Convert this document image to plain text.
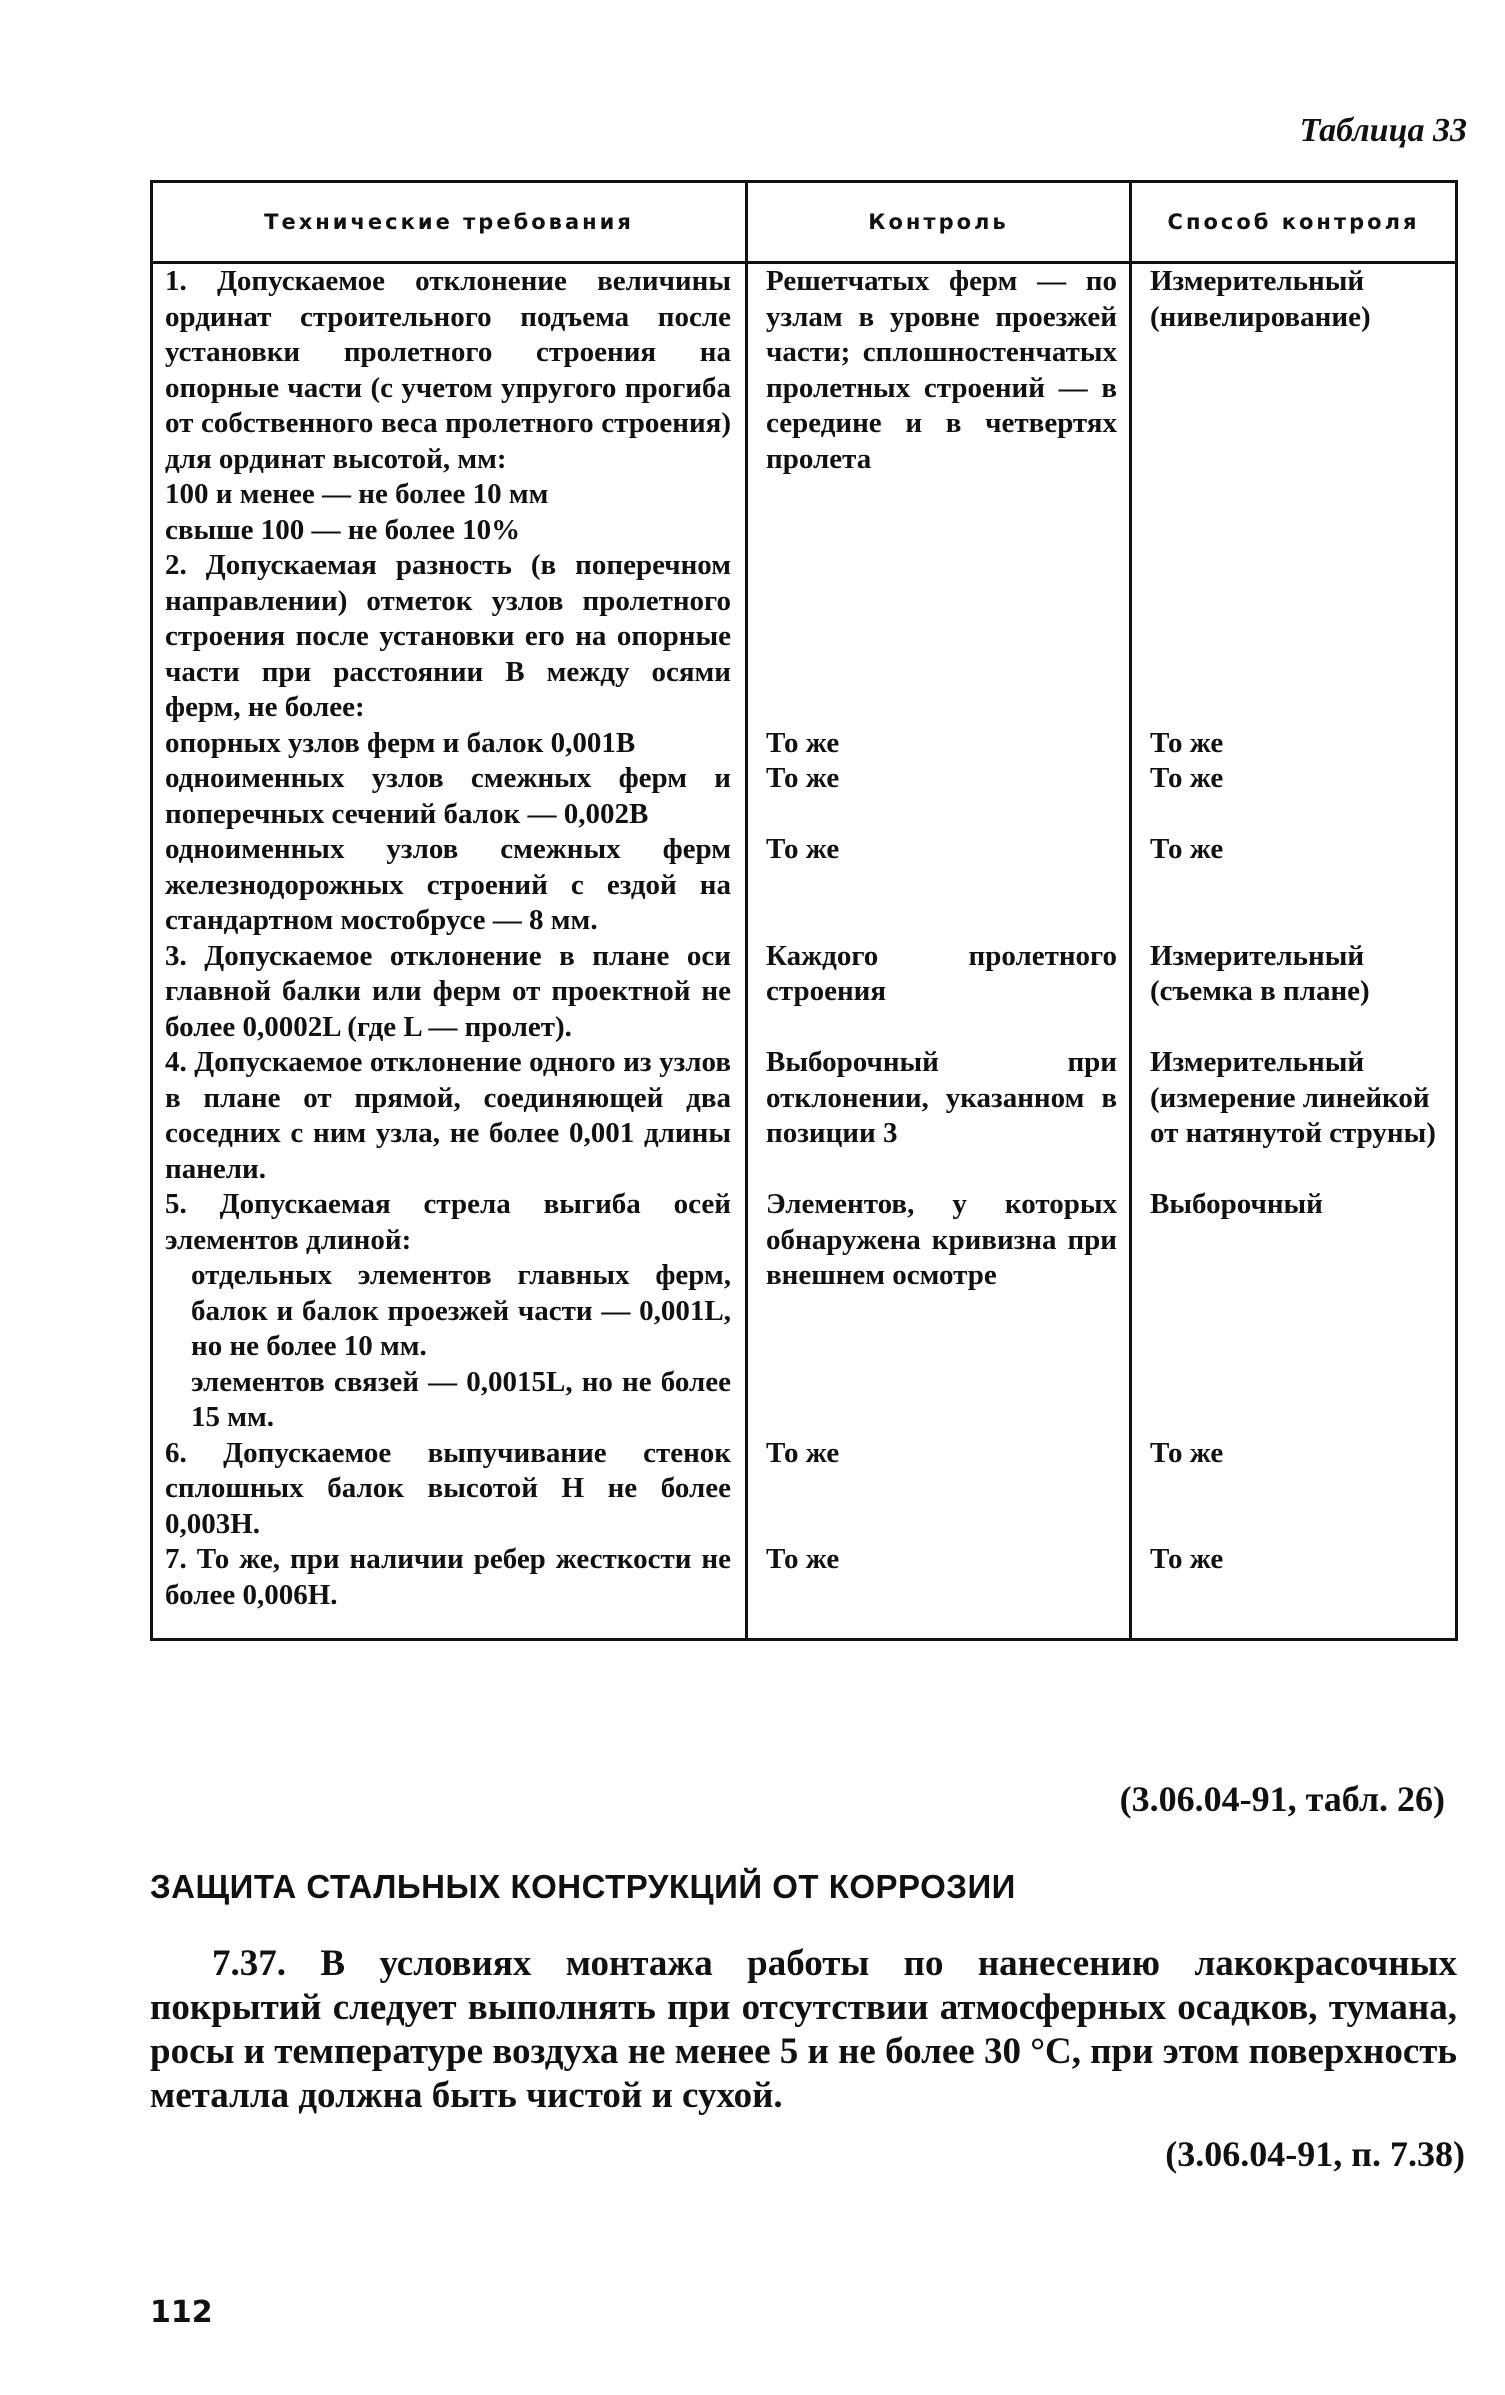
Таблица 33
Технические требования	Контроль	Способ контроля

1. Допускаемое отклонение величины ординат строительного подъема после установки пролетного строения на опорные части (с учетом упругого прогиба от собственного веса пролетного строения) для ординат высотой, мм:
100 и менее — не более 10 мм
свыше 100 — не более 10%	Решетчатых ферм — по узлам в уровне проезжей части; сплошностенчатых пролетных строений — в середине и в четвертях пролета	Измерительный (нивелирование)
2. Допускаемая разность (в поперечном направлении) отметок узлов пролетного строения после установки его на опорные части при расстоянии В между осями ферм, не более:		
опорных узлов ферм и балок 0,001В	То же	То же
одноименных узлов смежных ферм и поперечных сечений балок — 0,002В	То же	То же
одноименных узлов смежных ферм железнодорожных строений с ездой на стандартном мостобрусе — 8 мм.	То же	То же
3. Допускаемое отклонение в плане оси главной балки или ферм от проектной не более 0,0002L (где L — пролет).	Каждого пролетного строения	Измерительный (съемка в плане)
4. Допускаемое отклонение одного из узлов в плане от прямой, соединяющей два соседних с ним узла, не более 0,001 длины панели.	Выборочный при отклонении, указанном в позиции 3	Измерительный (измерение линейкой от натянутой струны)

5. Допускаемая стрела выгиба осей элементов длиной:
отдельных элементов главных ферм, балок и балок проезжей части — 0,001L, но не более 10 мм.
элементов связей — 0,0015L, но не более 15 мм.	Элементов, у которых обнаружена кривизна при внешнем осмотре	Выборочный
6. Допускаемое выпучивание стенок сплошных балок высотой Н не более 0,003Н.	То же	То же
7. То же, при наличии ребер жесткости не более 0,006Н.	То же	То же
(3.06.04-91, табл. 26)
ЗАЩИТА СТАЛЬНЫХ КОНСТРУКЦИЙ ОТ КОРРОЗИИ
7.37. В условиях монтажа работы по нанесению лакокрасочных покрытий следует выполнять при отсутствии атмосферных осадков, тумана, росы и температуре воздуха не менее 5 и не более 30 °С, при этом поверхность металла должна быть чистой и сухой.
(3.06.04-91, п. 7.38)
112
